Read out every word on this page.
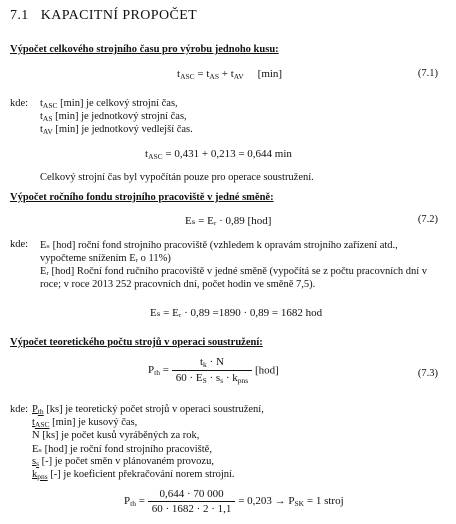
7.1 KAPACITNÍ PROPOČET
Výpočet celkového strojního času pro výrobu jednoho kusu:
$t_{ASC} = t_{AS} + t_{AV}$ [min]	(7.1)
kde: $t_{ASC}$ [min] je celkový strojní čas,
$t_{AS}$ [min] je jednotkový strojní čas,
$t_{AV}$ [min] je jednotkový vedlejší čas.
$t_{ASC} = 0,431 + 0,213 = 0,644$ min
Celkový strojní čas byl vypočítán pouze pro operace soustružení.
Výpočet ročního fondu strojního pracoviště v jedné směně:
Eₛ = Eᵣ · 0,89 [hod]	(7.2)
kde: Eₛ [hod] roční fond strojního pracoviště (vzhledem k opravám strojního zařízení atd., vypočteme snížením Eᵣ o 11%)
Eᵣ [hod] Roční fond ručního pracoviště v jedné směně (vypočítá se z počtu pracovních dní v roce; v roce 2013 252 pracovních dní, počet hodin ve směně 7,5).
Eₛ = Eᵣ · 0,89 =1890 · 0,89 = 1682 hod
Výpočet teoretického počtu strojů v operaci soustružení:
$P_{th} = \frac{t_k \cdot N}{60 \cdot E_S \cdot s_s \cdot k_{pns}} [hod]$	(7.3)
kde: $P_{th}$ [ks] je teoretický počet strojů v operaci soustružení,
$t_{ASC}$ [min] je kusový čas,
N [ks] je počet kusů vyráběných za rok,
Eₛ [hod] je roční fond strojního pracoviště,
$s_s$ [-] je počet směn v plánovaném provozu,
$k_{pns}$ [-] je koeficient překračování norem strojní.
$P_{th} = \frac{0,644 \cdot 70 000}{60 \cdot 1682 \cdot 2 \cdot 1,1} = 0,203 \to P_{SK} = 1$ stroj
